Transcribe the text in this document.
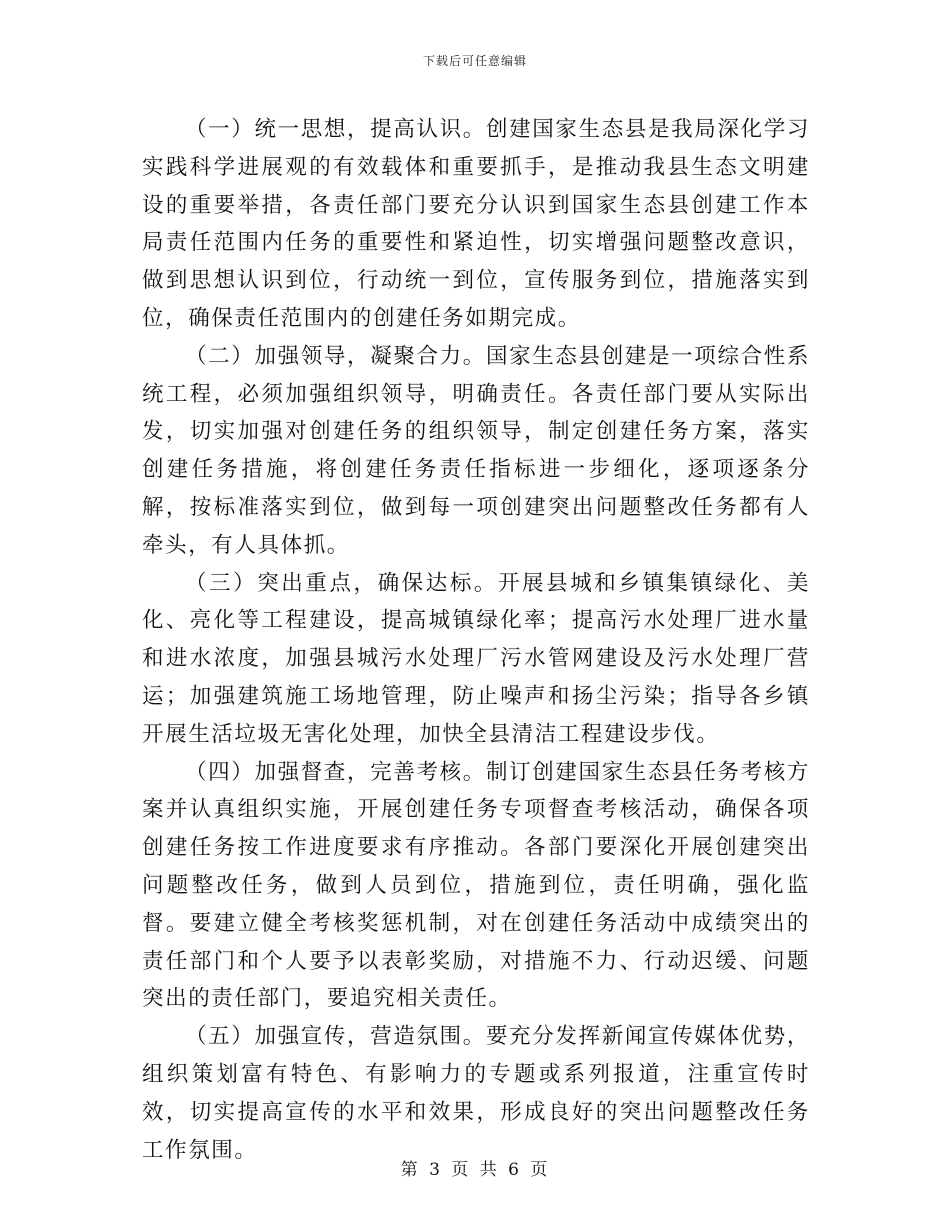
下载后可任意编辑

（一）统一思想，提高认识。创建国家生态县是我局深化学习实践科学进展观的有效载体和重要抓手，是推动我县生态文明建设的重要举措，各责任部门要充分认识到国家生态县创建工作本局责任范围内任务的重要性和紧迫性，切实增强问题整改意识，做到思想认识到位，行动统一到位，宣传服务到位，措施落实到位，确保责任范围内的创建任务如期完成。

（二）加强领导，凝聚合力。国家生态县创建是一项综合性系统工程，必须加强组织领导，明确责任。各责任部门要从实际出发，切实加强对创建任务的组织领导，制定创建任务方案，落实创建任务措施，将创建任务责任指标进一步细化，逐项逐条分解，按标准落实到位，做到每一项创建突出问题整改任务都有人牵头，有人具体抓。

（三）突出重点，确保达标。开展县城和乡镇集镇绿化、美化、亮化等工程建设，提高城镇绿化率；提高污水处理厂进水量和进水浓度，加强县城污水处理厂污水管网建设及污水处理厂营运；加强建筑施工场地管理，防止噪声和扬尘污染；指导各乡镇开展生活垃圾无害化处理，加快全县清洁工程建设步伐。

（四）加强督查，完善考核。制订创建国家生态县任务考核方案并认真组织实施，开展创建任务专项督查考核活动，确保各项创建任务按工作进度要求有序推动。各部门要深化开展创建突出问题整改任务，做到人员到位，措施到位，责任明确，强化监督。要建立健全考核奖惩机制，对在创建任务活动中成绩突出的责任部门和个人要予以表彰奖励，对措施不力、行动迟缓、问题突出的责任部门，要追究相关责任。

（五）加强宣传，营造氛围。要充分发挥新闻宣传媒体优势，组织策划富有特色、有影响力的专题或系列报道，注重宣传时效，切实提高宣传的水平和效果，形成良好的突出问题整改任务工作氛围。

第 3 页 共 6 页
